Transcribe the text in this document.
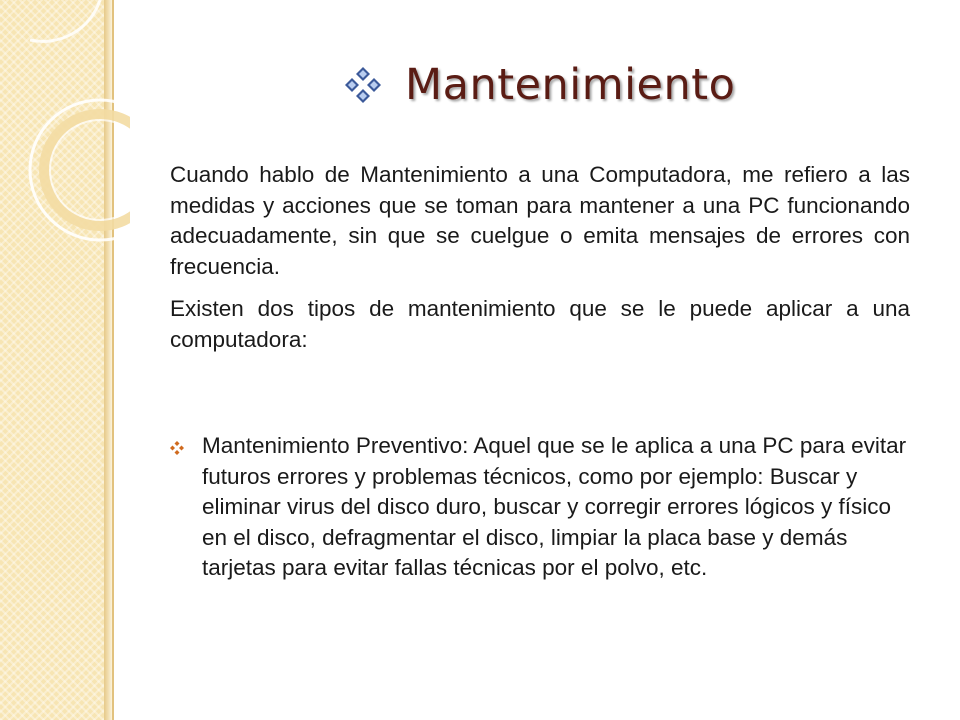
Mantenimiento

Cuando hablo de Mantenimiento a una Computadora, me refiero a las medidas y acciones que se toman para mantener a una PC funcionando adecuadamente, sin que se cuelgue o emita mensajes de errores con frecuencia.

Existen dos tipos de mantenimiento que se le puede aplicar a una computadora:

Mantenimiento Preventivo: Aquel que se le aplica a una PC para evitar futuros errores y problemas técnicos, como por ejemplo: Buscar y eliminar virus del disco duro, buscar y corregir errores lógicos y físico en el disco, defragmentar el disco, limpiar la placa base y demás tarjetas para evitar fallas técnicas por el polvo, etc.
